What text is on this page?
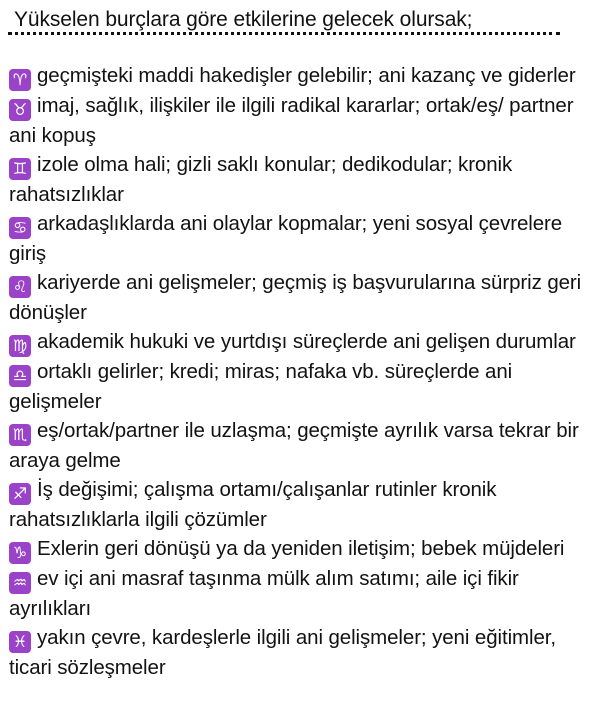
Yükselen burçlara göre etkilerine gelecek olursak;
♈︎ geçmişteki maddi hakedişler gelebilir; ani kazanç ve giderler
♉︎ imaj, sağlık, ilişkiler ile ilgili radikal kararlar; ortak/eş/ partner ani kopuş
♊︎ izole olma hali; gizli saklı konular; dedikodular; kronik rahatsızlıklar
♋︎ arkadaşlıklarda ani olaylar kopmalar; yeni sosyal çevrelere giriş
♌︎ kariyerde ani gelişmeler; geçmiş iş başvurularına sürpriz geri dönüşler
♍︎ akademik hukuki ve yurtdışı süreçlerde ani gelişen durumlar
♎︎ ortaklı gelirler; kredi; miras; nafaka vb. süreçlerde ani gelişmeler
♏︎ eş/ortak/partner ile uzlaşma; geçmişte ayrılık varsa tekrar bir araya gelme
♐︎ İş değişimi; çalışma ortamı/çalışanlar rutinler kronik rahatsızlıklarla ilgili çözümler
♑︎ Exlerin geri dönüşü ya da yeniden iletişim; bebek müjdeleri
♒︎ ev içi ani masraf taşınma mülk alım satımı; aile içi fikir ayrılıkları
♓︎ yakın çevre, kardeşlerle ilgili ani gelişmeler; yeni eğitimler, ticari sözleşmeler
